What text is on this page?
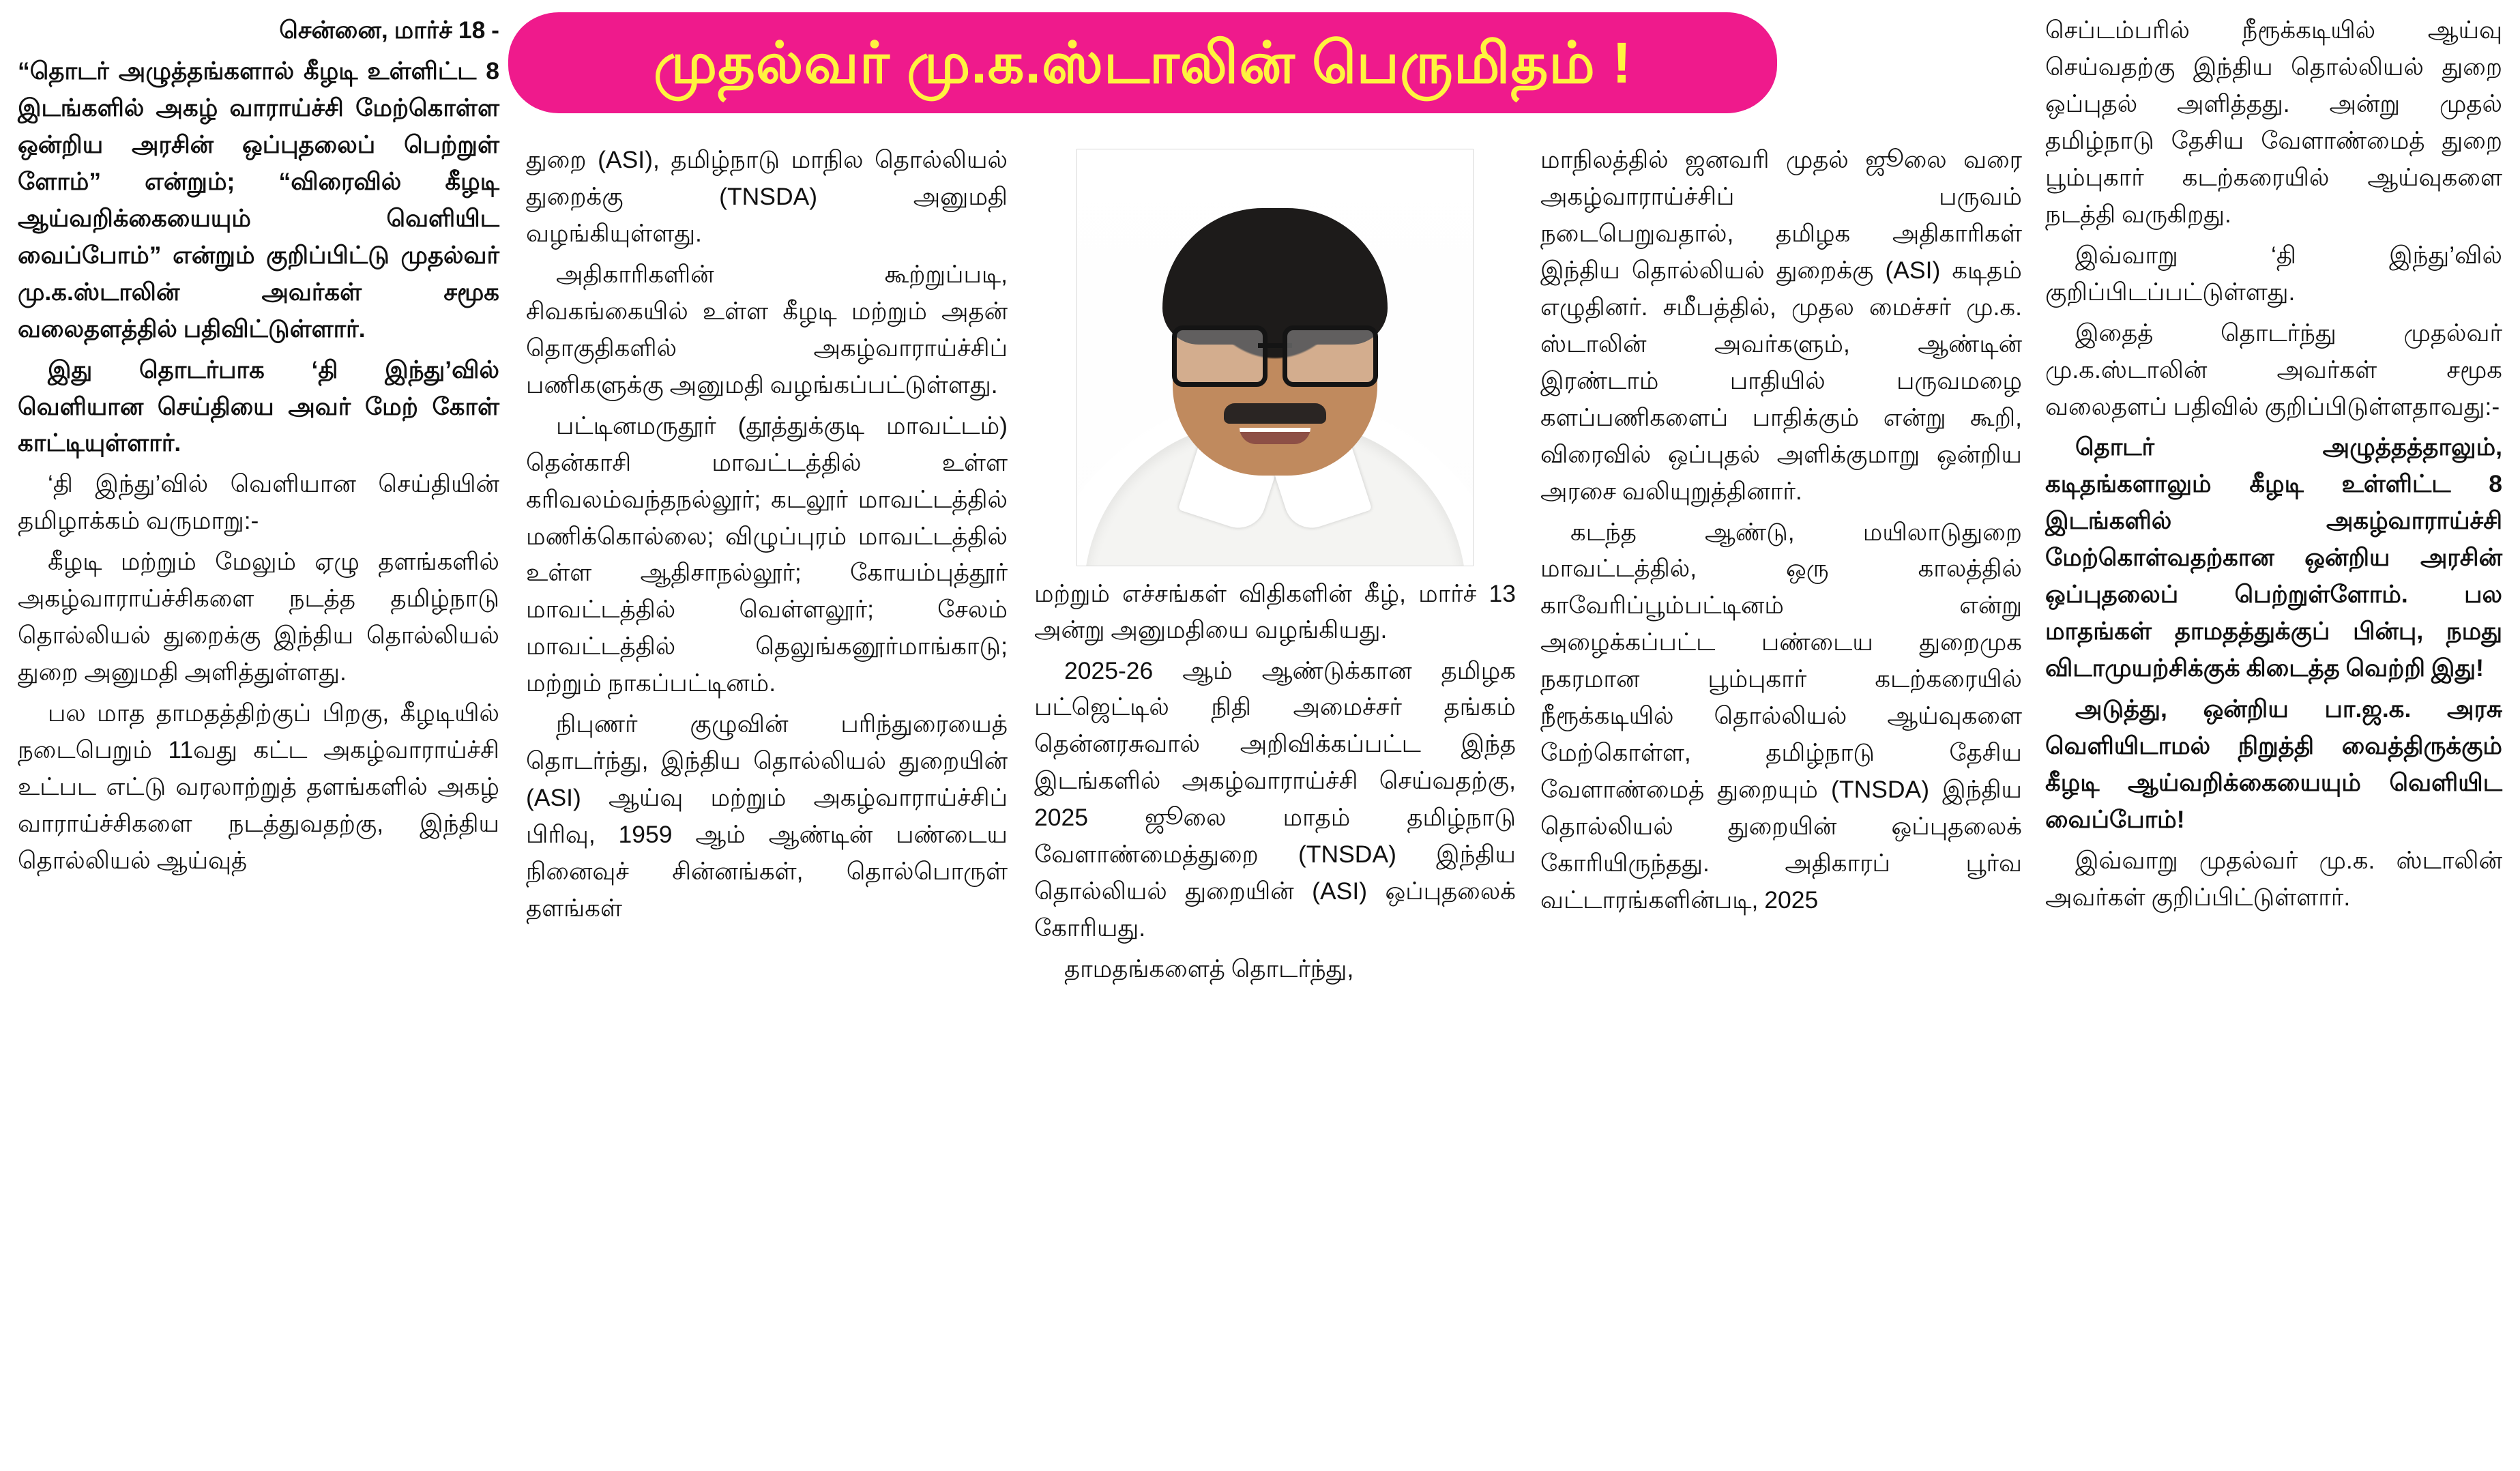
முதல்வர் மு.க.ஸ்டாலின் பெருமிதம் !

சென்னை, மார்ச் 18 -

“தொடர் அழுத்தங்களால் கீழடி உள்ளிட்ட 8 இடங்களில் அகழ் வாராய்ச்சி மேற்கொள்ள ஒன்றிய அரசின் ஒப்புதலைப் பெற்றுள் ளோம்” என்றும்; “விரைவில் கீழடி ஆய்வறிக்கையையும் வெளியிட வைப்போம்” என்றும் குறிப்பிட்டு முதல்வர் மு.க.ஸ்டாலின் அவர்கள் சமூக வலைதளத்தில் பதிவிட்டுள்ளார்.

இது தொடர்பாக ‘தி இந்து’வில் வெளியான செய்தியை அவர் மேற் கோள் காட்டியுள்ளார்.

‘தி இந்து’வில் வெளியான செய்தியின் தமிழாக்கம் வருமாறு:-

கீழடி மற்றும் மேலும் ஏழு தளங்களில் அகழ்வாராய்ச்சிகளை நடத்த தமிழ்நாடு தொல்லியல் துறைக்கு இந்திய தொல்லியல் துறை அனுமதி அளித்துள்ளது.

பல மாத தாமதத்திற்குப் பிறகு, கீழடியில் நடைபெறும் 11வது கட்ட அகழ்வாராய்ச்சி உட்பட எட்டு வரலாற்றுத் தளங்களில் அகழ் வாராய்ச்சிகளை நடத்துவதற்கு, இந்திய தொல்லியல் ஆய்வுத்

துறை (ASI), தமிழ்நாடு மாநில தொல்லியல் துறைக்கு (TNSDA) அனுமதி வழங்கியுள்ளது.

அதிகாரிகளின் கூற்றுப்படி, சிவகங்கையில் உள்ள கீழடி மற்றும் அதன் தொகுதிகளில் அகழ்வாராய்ச்சிப் பணிகளுக்கு அனுமதி வழங்கப்பட்டுள்ளது.

பட்டினமருதூர் (தூத்துக்குடி மாவட்டம்) தென்காசி மாவட்டத்தில் உள்ள கரிவலம்வந்தநல்லூர்; கடலூர் மாவட்டத்தில் மணிக்கொல்லை; விழுப்புரம் மாவட்டத்தில் உள்ள ஆதிசாநல்லூர்; கோயம்புத்தூர் மாவட்டத்தில் வெள்ளலூர்; சேலம் மாவட்டத்தில் தெலுங்கனூர்மாங்காடு; மற்றும் நாகப்பட்டினம்.

நிபுணர் குழுவின் பரிந்துரையைத் தொடர்ந்து, இந்திய தொல்லியல் துறையின் (ASI) ஆய்வு மற்றும் அகழ்வாராய்ச்சிப் பிரிவு, 1959 ஆம் ஆண்டின் பண்டைய நினைவுச் சின்னங்கள், தொல்பொருள் தளங்கள்

மற்றும் எச்சங்கள் விதிகளின் கீழ், மார்ச் 13 அன்று அனுமதியை வழங்கியது.

2025-26 ஆம் ஆண்டுக்கான தமிழக பட்ஜெட்டில் நிதி அமைச்சர் தங்கம் தென்னரசுவால் அறிவிக்கப்பட்ட இந்த இடங்களில் அகழ்வாராய்ச்சி செய்வதற்கு, 2025 ஜூலை மாதம் தமிழ்நாடு வேளாண்மைத்துறை (TNSDA) இந்திய தொல்லியல் துறையின் (ASI) ஒப்புதலைக் கோரியது.

தாமதங்களைத் தொடர்ந்து,

மாநிலத்தில் ஜனவரி முதல் ஜூலை வரை அகழ்வாராய்ச்சிப் பருவம் நடைபெறுவதால், தமிழக அதிகாரிகள் இந்திய தொல்லியல் துறைக்கு (ASI) கடிதம் எழுதினர். சமீபத்தில், முதல மைச்சர் மு.க. ஸ்டாலின் அவர்களும், ஆண்டின் இரண்டாம் பாதியில் பருவமழை களப்பணிகளைப் பாதிக்கும் என்று கூறி, விரைவில் ஒப்புதல் அளிக்குமாறு ஒன்றிய அரசை வலியுறுத்தினார்.

கடந்த ஆண்டு, மயிலாடுதுறை மாவட்டத்தில், ஒரு காலத்தில் காவேரிப்பூம்பட்டினம் என்று அழைக்கப்பட்ட பண்டைய துறைமுக நகரமான பூம்புகார் கடற்கரையில் நீரூக்கடியில் தொல்லியல் ஆய்வுகளை மேற்கொள்ள, தமிழ்நாடு தேசிய வேளாண்மைத் துறையும் (TNSDA) இந்திய தொல்லியல் துறையின் ஒப்புதலைக் கோரியிருந்தது. அதிகாரப் பூர்வ வட்டாரங்களின்படி, 2025

செப்டம்பரில் நீரூக்கடியில் ஆய்வு செய்வதற்கு இந்திய தொல்லியல் துறை ஒப்புதல் அளித்தது. அன்று முதல் தமிழ்நாடு தேசிய வேளாண்மைத் துறை பூம்புகார் கடற்கரையில் ஆய்வுகளை நடத்தி வருகிறது.

இவ்வாறு ‘தி இந்து’வில் குறிப்பிடப்பட்டுள்ளது.

இதைத் தொடர்ந்து முதல்வர் மு.க.ஸ்டாலின் அவர்கள் சமூக வலைதளப் பதிவில் குறிப்பிடுள்ளதாவது:-

தொடர் அழுத்தத்தாலும், கடிதங்களாலும் கீழடி உள்ளிட்ட 8 இடங்களில் அகழ்வாராய்ச்சி மேற்கொள்வதற்கான ஒன்றிய அரசின் ஒப்புதலைப் பெற்றுள்ளோம். பல மாதங்கள் தாமதத்துக்குப் பின்பு, நமது விடாமுயற்சிக்குக் கிடைத்த வெற்றி இது!

அடுத்து, ஒன்றிய பா.ஜ.க. அரசு வெளியிடாமல் நிறுத்தி வைத்திருக்கும் கீழடி ஆய்வறிக்கையையும் வெளியிட வைப்போம்!

இவ்வாறு முதல்வர் மு.க. ஸ்டாலின் அவர்கள் குறிப்பிட்டுள்ளார்.
